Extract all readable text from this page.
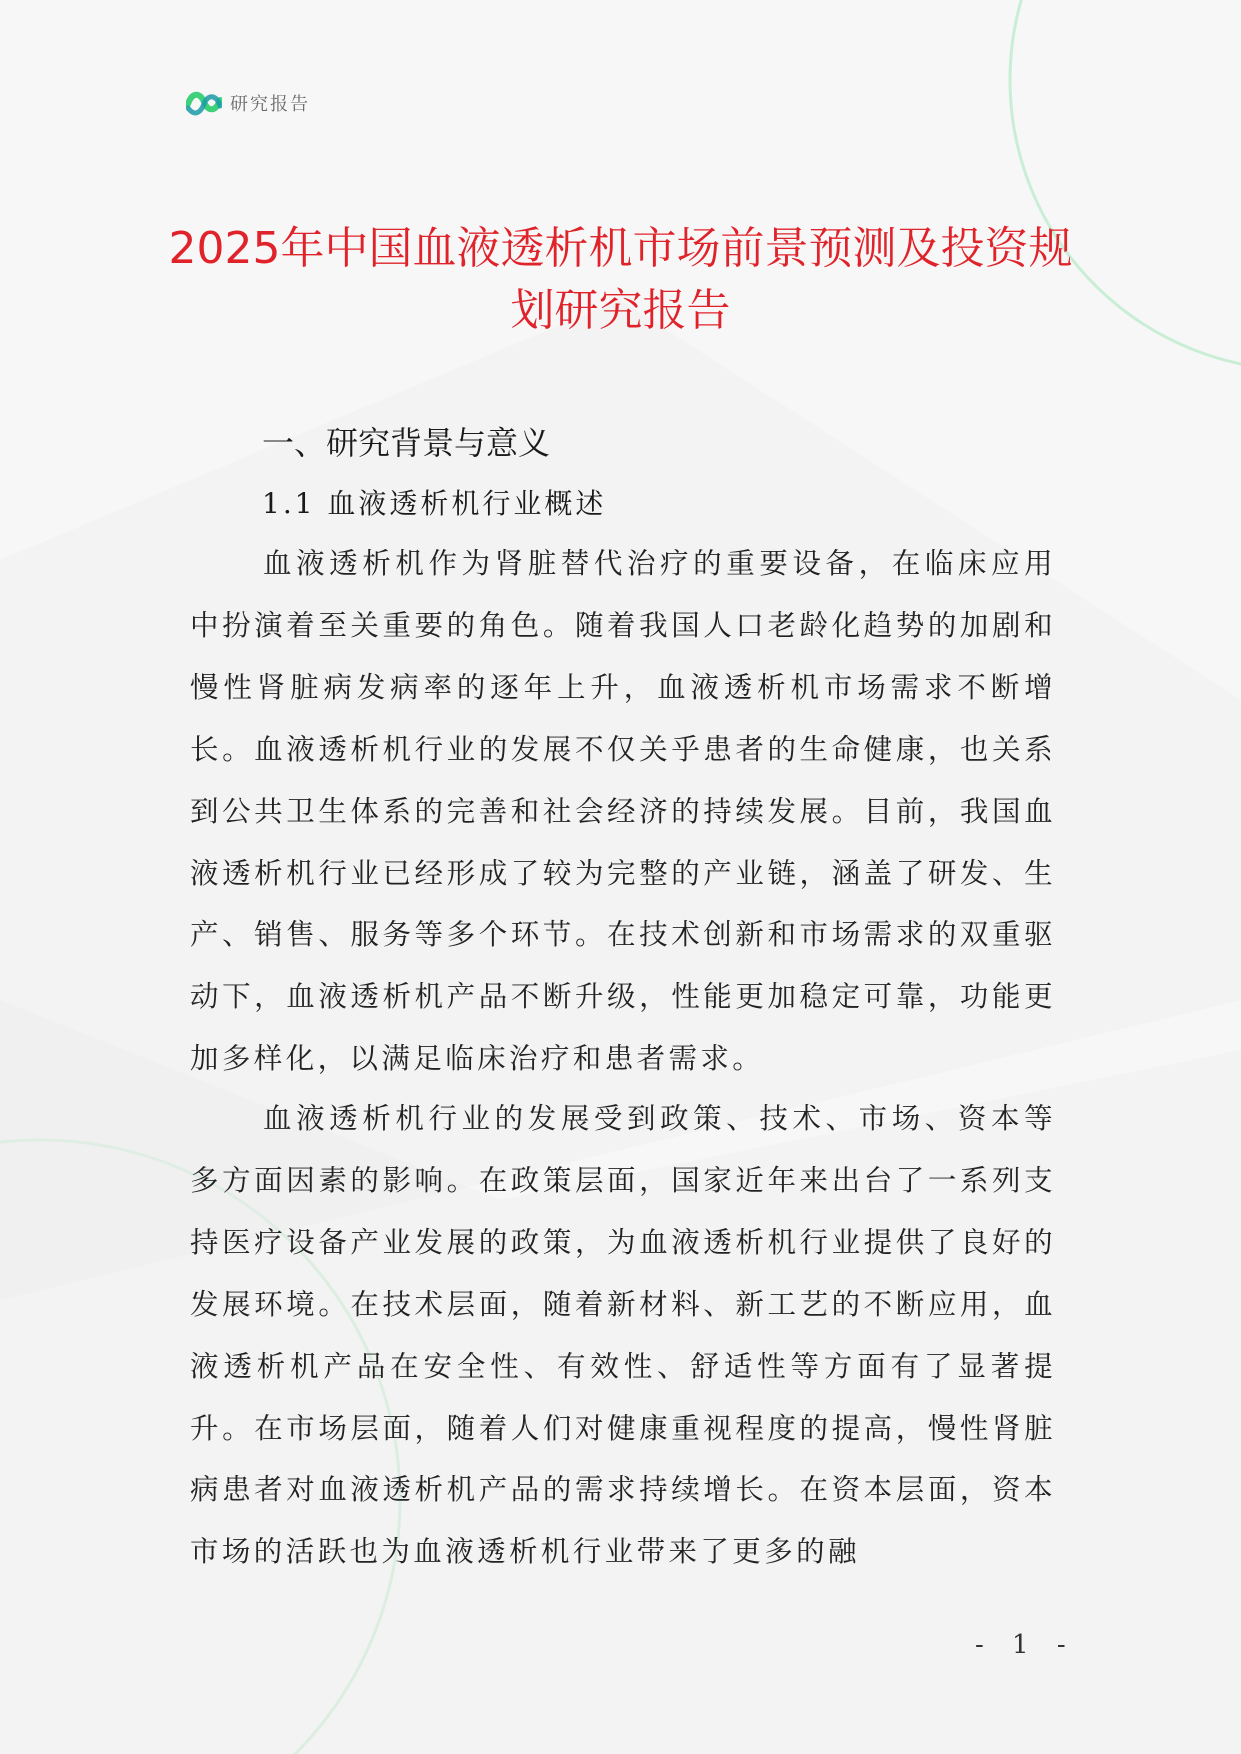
研究报告
2025年中国血液透析机市场前景预测及投资规划研究报告
一、研究背景与意义
1.1 血液透析机行业概述

血液透析机作为肾脏替代治疗的重要设备，在临床应用中扮演着至关重要的角色。随着我国人口老龄化趋势的加剧和慢性肾脏病发病率的逐年上升，血液透析机市场需求不断增长。血液透析机行业的发展不仅关乎患者的生命健康，也关系到公共卫生体系的完善和社会经济的持续发展。目前，我国血液透析机行业已经形成了较为完整的产业链，涵盖了研发、生产、销售、服务等多个环节。在技术创新和市场需求的双重驱动下，血液透析机产品不断升级，性能更加稳定可靠，功能更加多样化，以满足临床治疗和患者需求。

血液透析机行业的发展受到政策、技术、市场、资本等多方面因素的影响。在政策层面，国家近年来出台了一系列支持医疗设备产业发展的政策，为血液透析机行业提供了良好的发展环境。在技术层面，随着新材料、新工艺的不断应用，血液透析机产品在安全性、有效性、舒适性等方面有了显著提升。在市场层面，随着人们对健康重视程度的提高，慢性肾脏病患者对血液透析机产品的需求持续增长。在资本层面，资本市场的活跃也为血液透析机行业带来了更多的融

- 1 -
